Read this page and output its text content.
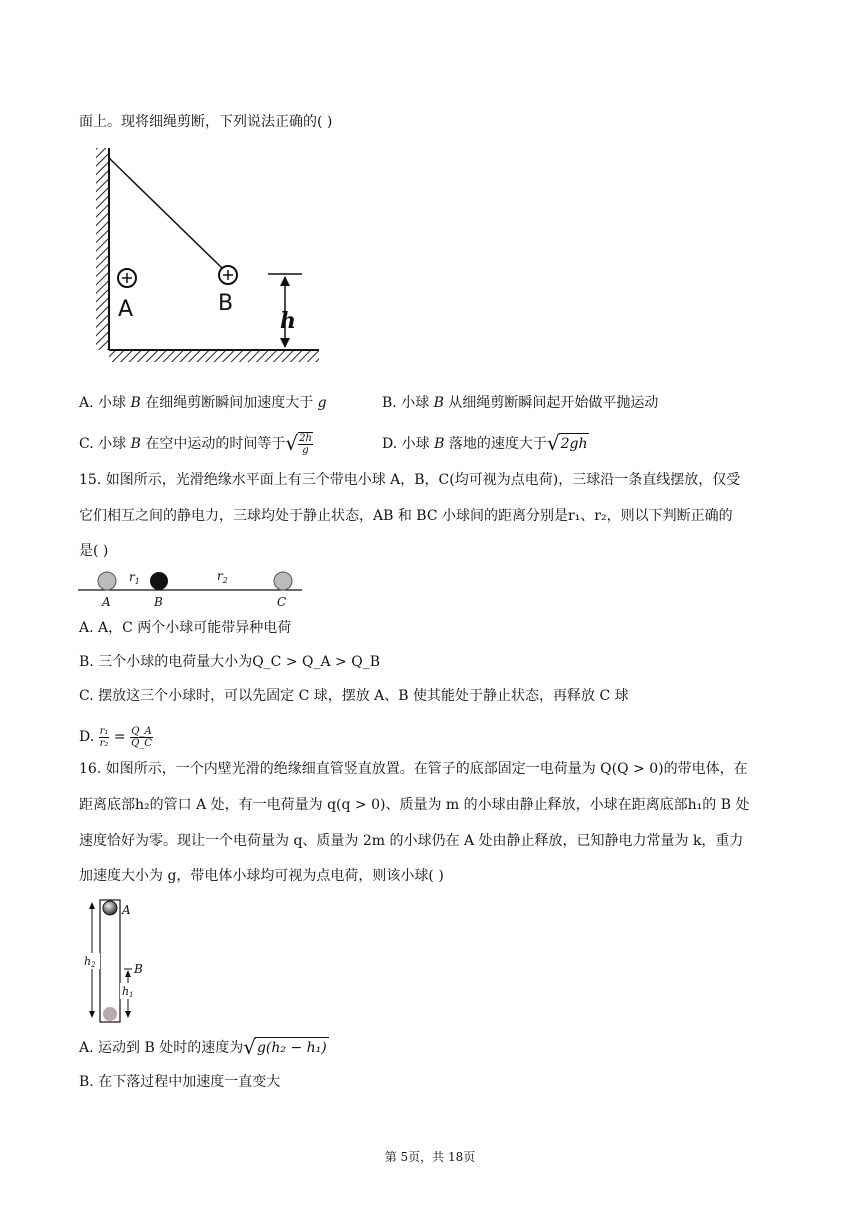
面上。现将细绳剪断，下列说法正确的( )
A	B
h
A. 小球 B 在细绳剪断瞬间加速度大于 g	B. 小球 B 从细绳剪断瞬间起开始做平抛运动
C. 小球 B 在空中运动的时间等于√ $\frac{2h}{g}$	D. 小球 B 落地的速度大于√2gh
15. 如图所示，光滑绝缘水平面上有三个带电小球 A，B，C(均可视为点电荷)，三球沿一条直线摆放，仅受
它们相互之间的静电力，三球均处于静止状态，AB 和 BC 小球间的距离分别是r₁、r₂，则以下判断正确的
是( )
$r_1$	$r_2$
A	B	C
A. A，C 两个小球可能带异种电荷
B. 三个小球的电荷量大小为Q_C > Q_A > Q_B
C. 摆放这三个小球时，可以先固定 C 球，摆放 A、B 使其能处于静止状态，再释放 C 球
D. $\frac{\text{r₁}}{\text{r₂}} = \frac{Q\_A}{Q\_C}$
16. 如图所示，一个内壁光滑的绝缘细直管竖直放置。在管子的底部固定一电荷量为 Q(Q > 0)的带电体，在
距离底部h₂的管口 A 处，有一电荷量为 q(q > 0)、质量为 m 的小球由静止释放，小球在距离底部h₁的 B 处
速度恰好为零。现让一个电荷量为 q、质量为 2m 的小球仍在 A 处由静止释放，已知静电力常量为 k，重力
加速度大小为 g，带电体小球均可视为点电荷，则该小球( )
A
h2	B
h1
A. 运动到 B 处时的速度为√g(h₂ − h₁)
B. 在下落过程中加速度一直变大
第 5页，共 18页
